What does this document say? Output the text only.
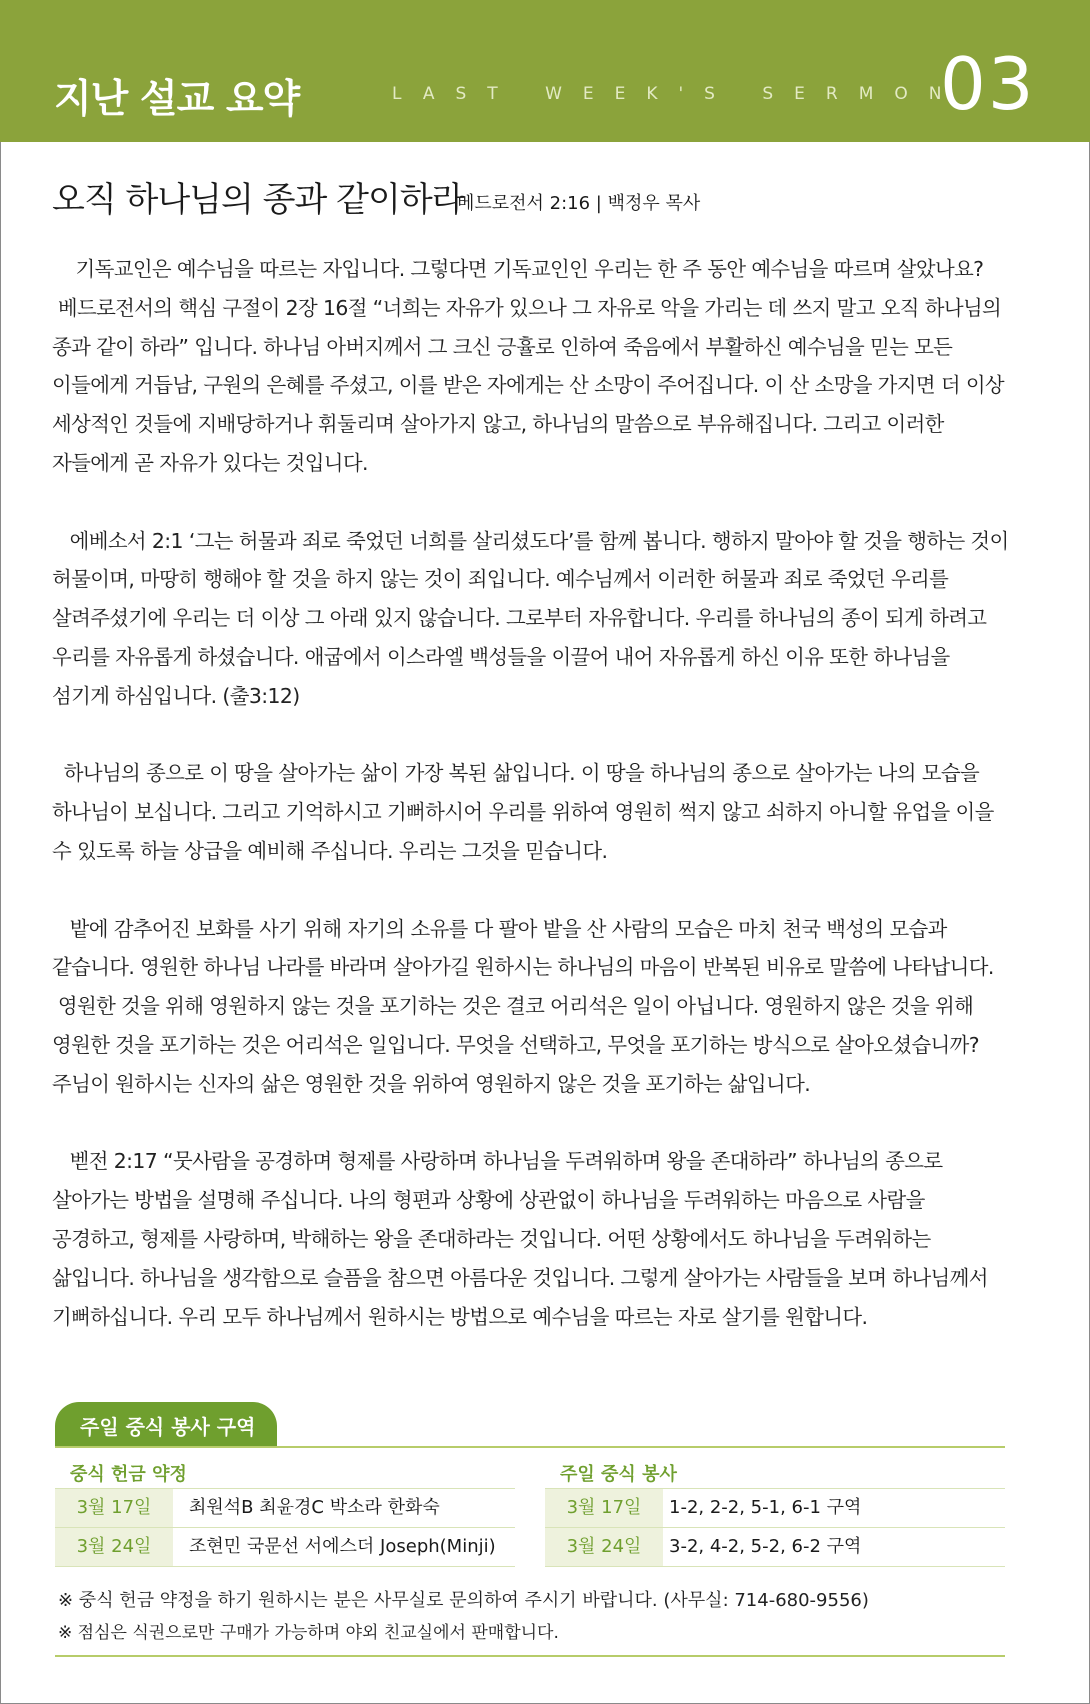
지난 설교 요약	LAST WEEK'S SERMON
03
오직 하나님의 종과 같이하라
베드로전서 2:16 | 백정우 목사

기독교인은 예수님을 따르는 자입니다. 그렇다면 기독교인인 우리는 한 주 동안 예수님을 따르며 살았나요?
베드로전서의 핵심 구절이 2장 16절 “너희는 자유가 있으나 그 자유로 악을 가리는 데 쓰지 말고 오직 하나님의
종과 같이 하라” 입니다. 하나님 아버지께서 그 크신 긍휼로 인하여 죽음에서 부활하신 예수님을 믿는 모든
이들에게 거듭남, 구원의 은혜를 주셨고, 이를 받은 자에게는 산 소망이 주어집니다. 이 산 소망을 가지면 더 이상
세상적인 것들에 지배당하거나 휘둘리며 살아가지 않고, 하나님의 말씀으로 부유해집니다. 그리고 이러한
자들에게 곧 자유가 있다는 것입니다.

에베소서 2:1 ‘그는 허물과 죄로 죽었던 너희를 살리셨도다’를 함께 봅니다. 행하지 말아야 할 것을 행하는 것이
허물이며, 마땅히 행해야 할 것을 하지 않는 것이 죄입니다. 예수님께서 이러한 허물과 죄로 죽었던 우리를
살려주셨기에 우리는 더 이상 그 아래 있지 않습니다. 그로부터 자유합니다. 우리를 하나님의 종이 되게 하려고
우리를 자유롭게 하셨습니다. 애굽에서 이스라엘 백성들을 이끌어 내어 자유롭게 하신 이유 또한 하나님을
섬기게 하심입니다. (출3:12)

하나님의 종으로 이 땅을 살아가는 삶이 가장 복된 삶입니다. 이 땅을 하나님의 종으로 살아가는 나의 모습을
하나님이 보십니다. 그리고 기억하시고 기뻐하시어 우리를 위하여 영원히 썩지 않고 쇠하지 아니할 유업을 이을
수 있도록 하늘 상급을 예비해 주십니다. 우리는 그것을 믿습니다.

밭에 감추어진 보화를 사기 위해 자기의 소유를 다 팔아 밭을 산 사람의 모습은 마치 천국 백성의 모습과
같습니다. 영원한 하나님 나라를 바라며 살아가길 원하시는 하나님의 마음이 반복된 비유로 말씀에 나타납니다.
영원한 것을 위해 영원하지 않는 것을 포기하는 것은 결코 어리석은 일이 아닙니다. 영원하지 않은 것을 위해
영원한 것을 포기하는 것은 어리석은 일입니다. 무엇을 선택하고, 무엇을 포기하는 방식으로 살아오셨습니까?
주님이 원하시는 신자의 삶은 영원한 것을 위하여 영원하지 않은 것을 포기하는 삶입니다.

벧전 2:17 “뭇사람을 공경하며 형제를 사랑하며 하나님을 두려워하며 왕을 존대하라” 하나님의 종으로
살아가는 방법을 설명해 주십니다. 나의 형편과 상황에 상관없이 하나님을 두려워하는 마음으로 사람을
공경하고, 형제를 사랑하며, 박해하는 왕을 존대하라는 것입니다. 어떤 상황에서도 하나님을 두려워하는
삶입니다. 하나님을 생각함으로 슬픔을 참으면 아름다운 것입니다. 그렇게 살아가는 사람들을 보며 하나님께서
기뻐하십니다. 우리 모두 하나님께서 원하시는 방법으로 예수님을 따르는 자로 살기를 원합니다.

주일 중식 봉사 구역
중식 헌금 약정
3월 17일	최원석B 최윤경C 박소라 한화숙
3월 24일	조현민 국문선 서에스더 Joseph(Minji)
주일 중식 봉사
3월 17일	1-2, 2-2, 5-1, 6-1 구역
3월 24일	3-2, 4-2, 5-2, 6-2 구역
※ 중식 헌금 약정을 하기 원하시는 분은 사무실로 문의하여 주시기 바랍니다. (사무실: 714-680-9556)
※ 점심은 식권으로만 구매가 가능하며 야외 친교실에서 판매합니다.
